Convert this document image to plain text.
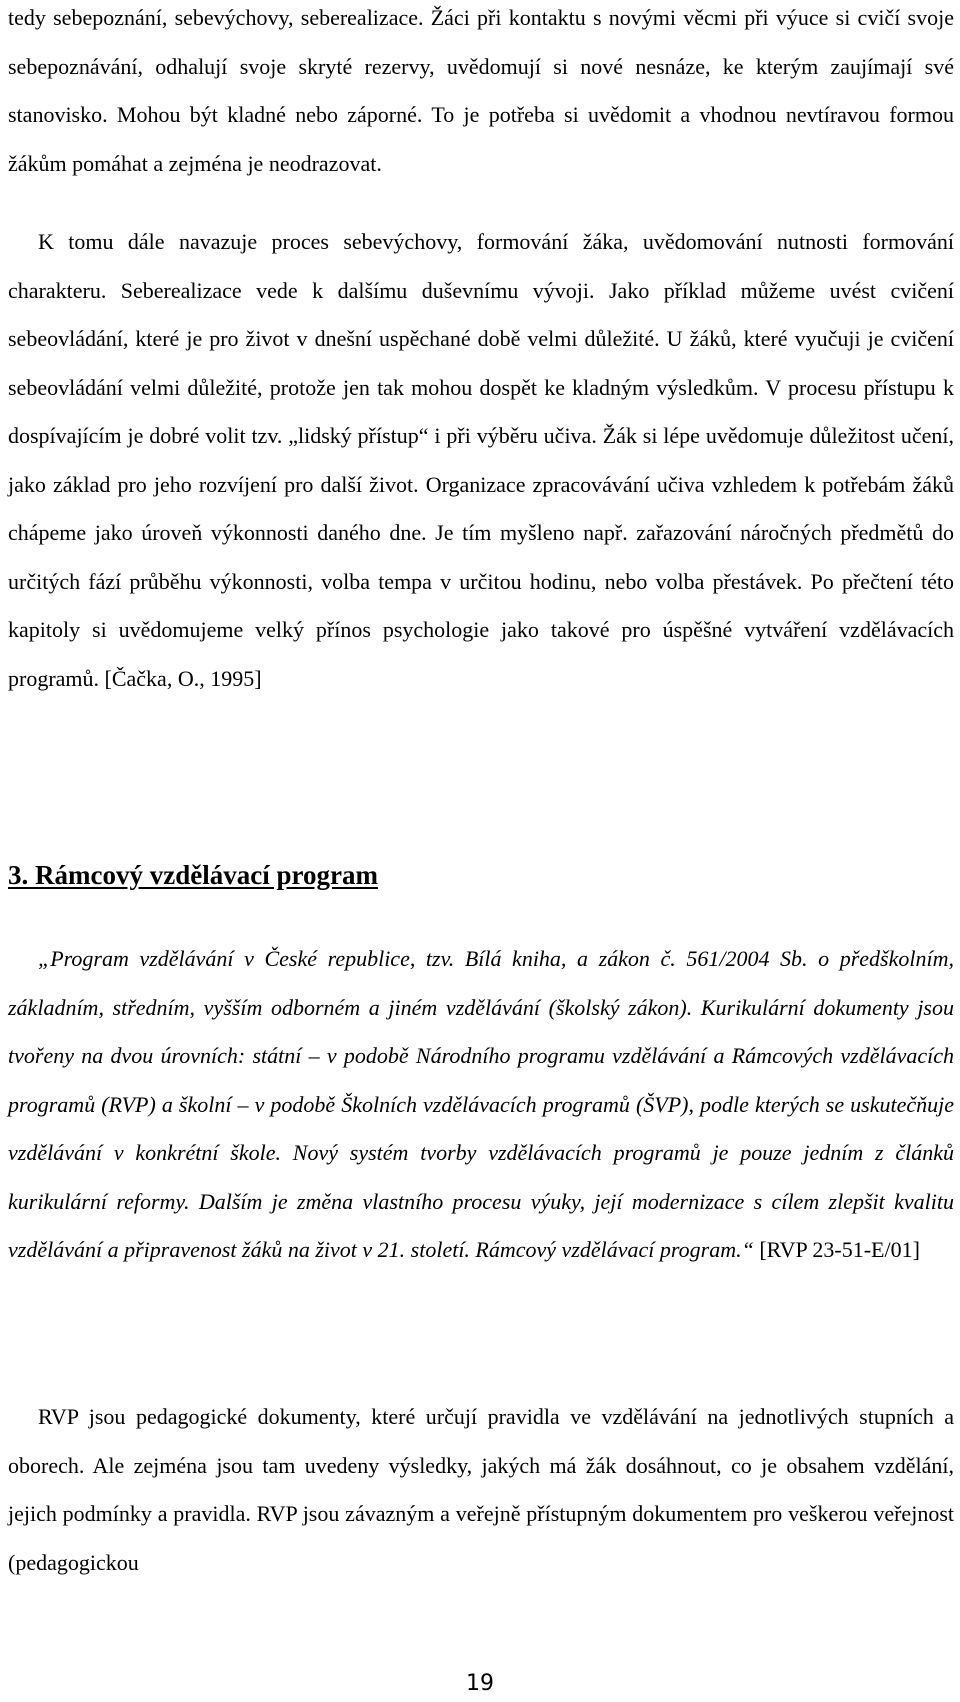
tedy sebepoznání, sebevýchovy, seberealizace. Žáci při kontaktu s novými věcmi při výuce si cvičí svoje sebepoznávání, odhalují svoje skryté rezervy, uvědomují si nové nesnáze, ke kterým zaujímají své stanovisko. Mohou být kladné nebo záporné. To je potřeba si uvědomit a vhodnou nevtíravou formou žákům pomáhat a zejména je neodrazovat.

K tomu dále navazuje proces sebevýchovy, formování žáka, uvědomování nutnosti formování charakteru. Seberealizace vede k dalšímu duševnímu vývoji. Jako příklad můžeme uvést cvičení sebeovládání, které je pro život v dnešní uspěchané době velmi důležité. U žáků, které vyučuji je cvičení sebeovládání velmi důležité, protože jen tak mohou dospět ke kladným výsledkům. V procesu přístupu k dospívajícím je dobré volit tzv. „lidský přístup“ i při výběru učiva. Žák si lépe uvědomuje důležitost učení, jako základ pro jeho rozvíjení pro další život. Organizace zpracovávání učiva vzhledem k potřebám žáků chápeme jako úroveň výkonnosti daného dne. Je tím myšleno např. zařazování náročných předmětů do určitých fází průběhu výkonnosti, volba tempa v určitou hodinu, nebo volba přestávek. Po přečtení této kapitoly si uvědomujeme velký přínos psychologie jako takové pro úspěšné vytváření vzdělávacích programů. [Čačka, O., 1995]

3. Rámcový vzdělávací program

„Program vzdělávání v České republice, tzv. Bílá kniha, a zákon č. 561/2004 Sb. o předškolním, základním, středním, vyšším odborném a jiném vzdělávání (školský zákon). Kurikulární dokumenty jsou tvořeny na dvou úrovních: státní – v podobě Národního programu vzdělávání a Rámcových vzdělávacích programů (RVP) a školní – v podobě Školních vzdělávacích programů (ŠVP), podle kterých se uskutečňuje vzdělávání v konkrétní škole. Nový systém tvorby vzdělávacích programů je pouze jedním z článků kurikulární reformy. Dalším je změna vlastního procesu výuky, její modernizace s cílem zlepšit kvalitu vzdělávání a připravenost žáků na život v 21. století. Rámcový vzdělávací program.“ [RVP 23-51-E/01]

RVP jsou pedagogické dokumenty, které určují pravidla ve vzdělávání na jednotlivých stupních a oborech. Ale zejména jsou tam uvedeny výsledky, jakých má žák dosáhnout, co je obsahem vzdělání, jejich podmínky a pravidla. RVP jsou závazným a veřejně přístupným dokumentem pro veškerou veřejnost (pedagogickou

19
